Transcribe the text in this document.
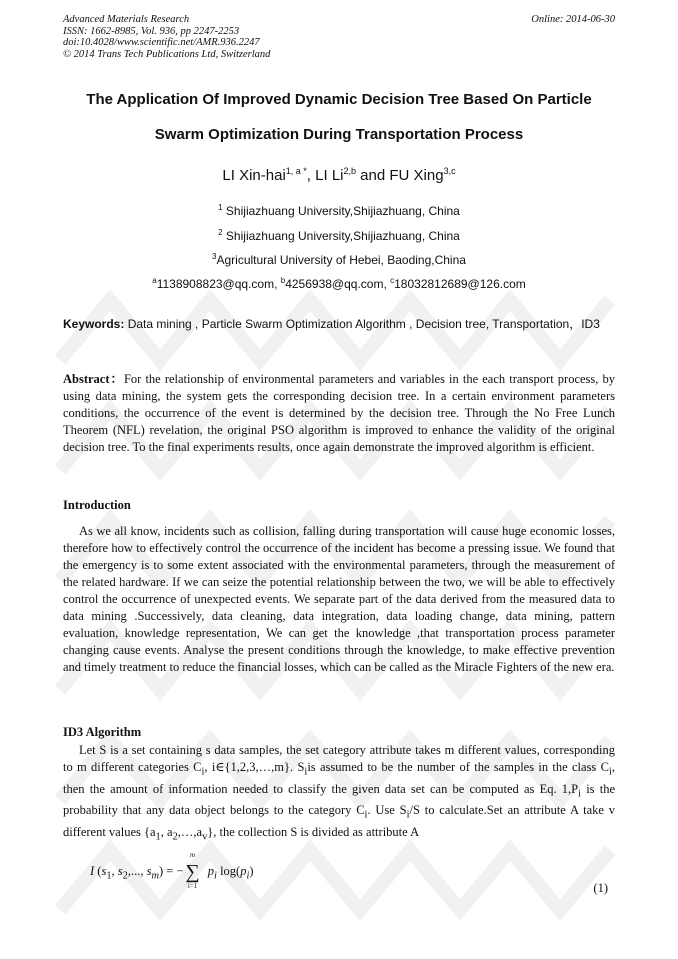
Advanced Materials Research
ISSN: 1662-8985, Vol. 936, pp 2247-2253
doi:10.4028/www.scientific.net/AMR.936.2247
© 2014 Trans Tech Publications Ltd, Switzerland
Online: 2014-06-30
The Application Of Improved Dynamic Decision Tree Based On Particle
Swarm Optimization During Transportation Process
LI Xin-hai$^{1, a *}$, LI Li$^{2,b}$ and FU Xing$^{3,c}$
$^1$ Shijiazhuang University,Shijiazhuang, China
$^2$ Shijiazhuang University,Shijiazhuang, China
$^3$Agricultural University of Hebei, Baoding,China
$^a$1138908823@qq.com, $^b$4256938@qq.com, $^c$18032812689@126.com
Keywords: Data mining , Particle Swarm Optimization Algorithm , Decision tree, Transportation，ID3
Abstract：For the relationship of environmental parameters and variables in the each transport process, by using data mining, the system gets the corresponding decision tree. In a certain environment parameters conditions, the occurrence of the event is determined by the decision tree. Through the No Free Lunch Theorem (NFL) revelation, the original PSO algorithm is improved to enhance the validity of the original decision tree. To the final experiments results, once again demonstrate the improved algorithm is efficient.
Introduction
As we all know, incidents such as collision, falling during transportation will cause huge economic losses, therefore how to effectively control the occurrence of the incident has become a pressing issue. We found that the emergency is to some extent associated with the environmental parameters, through the measurement of the related hardware. If we can seize the potential relationship between the two, we will be able to effectively control the occurrence of unexpected events. We separate part of the data derived from the measured data to data mining .Successively, data cleaning, data integration, data loading change, data mining, pattern evaluation, knowledge representation, We can get the knowledge ,that transportation process parameter changing cause events. Analyse the present conditions through the knowledge, to make effective prevention and timely treatment to reduce the financial losses, which can be called as the Miracle Fighters of the new era.
ID3 Algorithm
Let S is a set containing s data samples, the set category attribute takes m different values, corresponding to m different categories $C_i$, i∈{1,2,3,…,m}. $S_iis$ assumed to be the number of the samples in the class $C_i$, then the amount of information needed to classify the given data set can be computed as Eq. $1,P_i$ is the probability that any data object belongs to the category $C_i$. Use $S_i/S$ to calculate.Set an attribute A take v different values {$a_1$, $a_2,\dots,a_v$}, the collection S is divided as attribute A
I ($s_1$, $s_2$,..., $s_m$) = −
m
∑
i=1
$p_i$ $\log(p_i)$
(1)
